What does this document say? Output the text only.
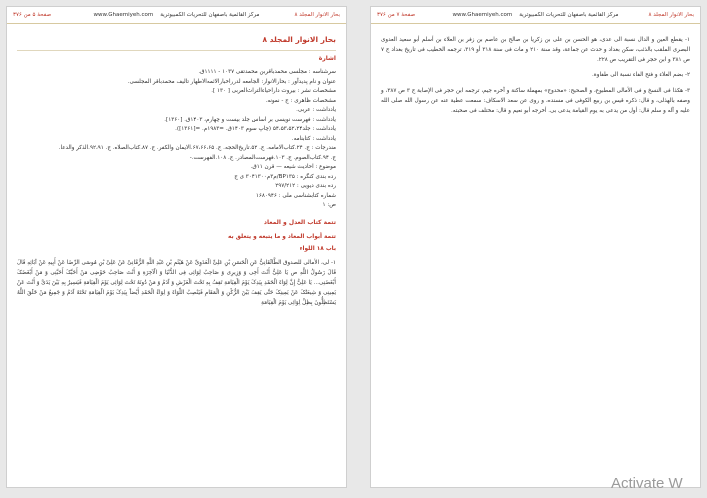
بحار الانوار المجلد ۸
www.Ghaemiyeh.com مرکز القائمیة باصفهان للتحریات الکمبیوتریة
صفحهٔ ۵ من ۳۷۶
بحار الانوار المجلد ۸
اشارة

سرشناسه : مجلسی محمدباقربن محمدتقی ۱۰۳۷ - ۱۱۱۱ق.

عنوان و نام پدیدآور : بحارالانوار: الجامعه لدرراخبارالائمه‌الاطهار تالیف محمدباقر المجلسی.

مشخصات نشر : بیروت داراحیاءالتراث‌العربی [ ۱۳۰ ].

مشخصات ظاهری : ج - نمونه.

یادداشت : عربی.

یادداشت : فهرست نویسی بر اساس جلد بیست و چهارم، ۱۴۰۳ق. [۱۳۶۰].

یادداشت : جلد۵۴،۵۳،۵۲،۲۴ (چاپ سوم ۱۴۰۳ق. =۱۹۸۳م. =[۱۳۶۱]).

یادداشت : کتابنامه.

مندرجات : ج. ۲۴.کتاب‌الامامه. ج. ۵۲.تاریخ‌الحجه. ج. ۶۷،۶۶،۶۵.الایمان والکفر. ج. ۸۷.کتاب‌الصلاه. ج. ۹۲،۹۱.الذکر والدعا.

ج. ۹۴.کتاب‌الصوم. ج. ۱۰۳.فهرست‌المصادر. ج. ۱۰۸.الفهرست.-

موضوع : احادیث شیعه — قرن ۱۱ق.

رده بندی کنگره : BP۱۳۵/م۳م۳۰۴۱۳۰۰ ی ج

رده بندی دیویی : ۲۹۷/۲۱۲

شماره کتابشناسی ملی : ۱۶۸۰۹۴۶

ص: ۱

تتمة کتاب العدل و المعاد
تتمة أبواب المعاد و ما یتبعه و یتعلق به
باب ۱۸ اللواء

۱- لی، الأمالی للصدوق الطَّالَقَانِیُّ عَنِ الْحَسَنِ بْنِ عَلِیٍّ الْعَدَوِیِّ عَنْ هَیْثَمِ بْنِ عَبْدِ اللَّهِ الرُّمَّانِیِّ عَنْ عَلِیِّ بْنِ مُوسَی الرِّضَا عَنْ أَبِیهِ عَنْ آبَائِهِ قَالَ قَالَ رَسُولُ اللَّهِ ص یَا عَلِیُّ أَنْتَ أَخِی وَ وَزِیرِی وَ صَاحِبُ لِوَائِی فِی الدُّنْیَا وَ الْآخِرَةِ وَ أَنْتَ صَاحِبُ حَوْضِی مَنْ أَحَبَّکَ أَحَبَّنِی وَ مَنْ أَبْغَضَکَ أَبْغَضَنِی... یَا عَلِیُّ إِنَّ لِوَاءَ الْحَمْدِ بِیَدِکَ یَوْمَ الْقِیَامَةِ تَقِفُ بِهِ تَحْتَ الْعَرْشِ وَ آدَمُ وَ مَنْ دُونَهُ تَحْتَ لِوَائِی یَوْمَ الْقِیَامَةِ فَیَسِیرُ بِهِ بَیْنَ یَدَیَّ وَ أَنْتَ عَنْ یَمِینِی وَ شِیعَتُکَ عَنْ یَمِینِکَ حَتَّی یَقِفَ بَیْنَ الرُّکْنِ وَ الْمَقَامِ فَیَنْصِبُ اللِّوَاءَ وَ لِوَاءُ الْحَمْدِ أَیْضاً بِیَدِکَ یَوْمَ الْقِیَامَةِ تَحْتَهُ آدَمُ وَ جَمِیعُ مَنْ خَلَقَ اللَّهُ یَسْتَظِلُّونَ بِظِلِّ لِوَائِی یَوْمَ الْقِیَامَةِ

بحار الانوار المجلد ۸
www.Ghaemiyeh.com مرکز القائمیة باصفهان للتحریات الکمبیوتریة
صفحهٔ ۷ من ۳۷۶

۱- یقطع العین و الدال نسبة الی عدی، هو الحسن بن علی بن زکریا بن صالح بن عاصم بن زفر بن العلاء بن أسلم أبو سعید العدوی البصری الملقب بالذئب، سکن بغداد و حدث عن جماعة، وقد سنة ۲۱۰ و مات فی سنة ۳۱۸ أو ۳۱۹، ترجمه الخطیب فی تاریخ بغداد ج ۷ ص ۳۸۱ و ابن حجر فی التقریب ص ۲۲۸.

۲- بضم العلاء و فتح الفاء نسبة الی طفاوة.

۳- هکذا فی النسخ و فی الأمالی المطبوع، و الصحیح: «محدوج» بمهملة ساکنة و آخره جیم، ترجمه ابن حجر فی الإصابة ج ۳ ص ۳۸۷، و وصفه بالهذلی، و قال: ذکره قیس بن ربیع الکوفی فی مسنده، و روی عن سعد الاسکاف: سمعت عطیة عنه عن رسول الله صلی الله علیه و آله و سلم قال: أول من یدعی به یوم القیامة یدعی بی. أخرجه أبو نعیم و قال: مختلف فی صحبته.

Activate W
